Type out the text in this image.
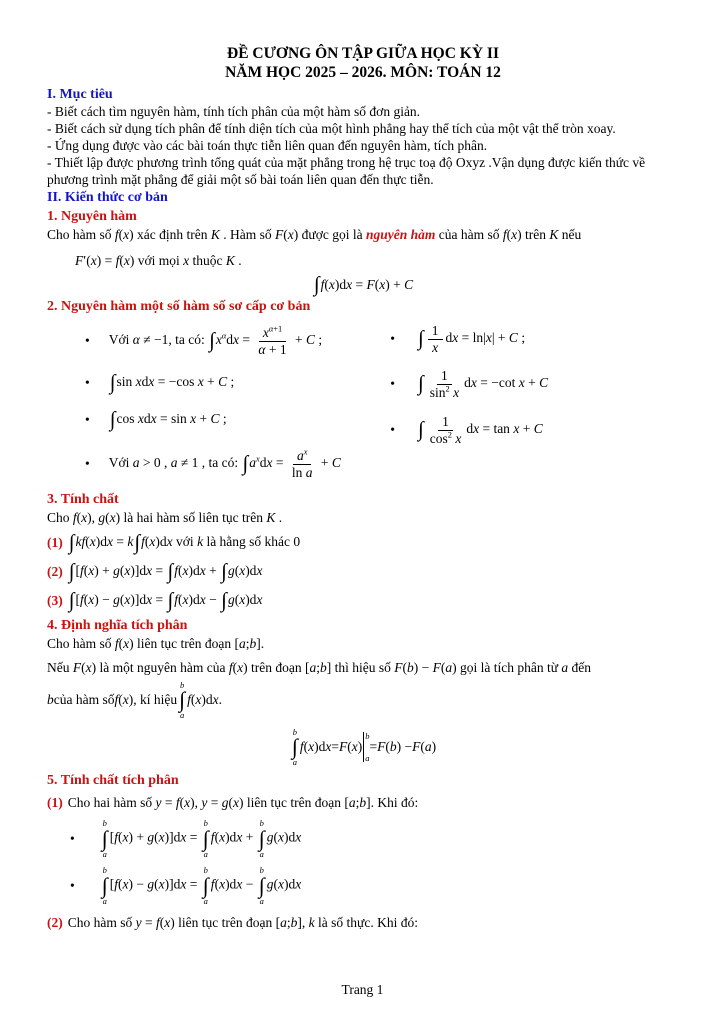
ĐỀ CƯƠNG ÔN TẬP GIỮA HỌC KỲ II
NĂM HỌC 2025 – 2026. MÔN: TOÁN 12
I. Mục tiêu
- Biết cách tìm nguyên hàm, tính tích phân của một hàm số đơn giản.
- Biết cách sử dụng tích phân để tính diện tích của một hình phẳng hay thể tích của một vật thể tròn xoay.
- Ứng dụng được vào các bài toán thực tiễn liên quan đến nguyên hàm, tích phân.
- Thiết lập được phương trình tổng quát của mặt phẳng trong hệ trục toạ độ Oxyz .Vận dụng được kiến thức về phương trình mặt phẳng để giải một số bài toán liên quan đến thực tiễn.
II. Kiến thức cơ bản
1. Nguyên hàm
Cho hàm số f(x) xác định trên K . Hàm số F(x) được gọi là nguyên hàm của hàm số f(x) trên K nếu
F′(x) = f(x) với mọi x thuộc K .
∫f(x)dx = F(x) + C
2. Nguyên hàm một số hàm số sơ cấp cơ bản
• Với α ≠ −1, ta có: $\int x^\alpha dx = \frac{x^{\alpha+1}}{\alpha + 1} + C$ ;
• ∫sin xdx = −cos x + C ;
• ∫cos xdx = sin x + C ;
• Với a > 0 , a ≠ 1 , ta có: $\int a^xdx = \frac{a^x}{\text{ln a}} + C$
• ∫ $\frac{1}{x}$ dx = ln|x| + C ;
• ∫ $\frac{1}{\sin^2 x}$ dx = −cot x + C
• ∫ $\frac{1}{\cos^2 x}$ dx = tan x + C
3. Tính chất
Cho f(x), g(x) là hai hàm số liên tục trên K .
(1) ∫kf(x)dx = k∫f(x)dx với k là hằng số khác 0
(2) ∫[f(x) + g(x)]dx = ∫f(x)dx + ∫g(x)dx
(3) ∫[f(x) − g(x)]dx = ∫f(x)dx − ∫g(x)dx
4. Định nghĩa tích phân
Cho hàm số f(x) liên tục trên đoạn [a;b].
Nếu F(x) là một nguyên hàm của f(x) trên đoạn [a;b] thì hiệu số F(b) − F(a) gọi là tích phân từ a đến
b của hàm số f ( x ), kí hiệu
b
∫
a
f ( x )d x .
b
∫
a
f ( x )d x = F ( x )
b
a
= F ( b ) − F ( a )
5. Tính chất tích phân
(1) Cho hai hàm số y = f(x), y = g(x) liên tục trên đoạn [a;b]. Khi đó:
•
b
∫
a
[f(x) + g(x)]dx =
b
∫
a
f(x)dx +
b
∫
a
g(x)dx
•
b
∫
a
[f(x) − g(x)]dx =
b
∫
a
f(x)dx −
b
∫
a
g(x)dx
(2) Cho hàm số y = f(x) liên tục trên đoạn [a;b], k là số thực. Khi đó:
Trang 1
